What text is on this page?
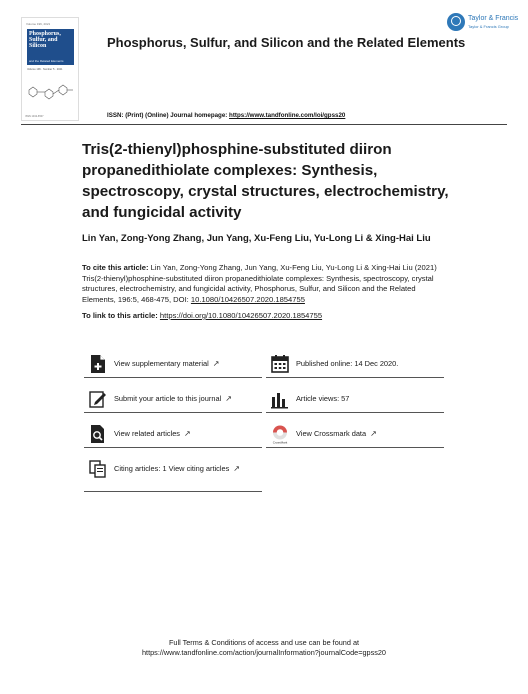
Volume 196, 2021
Phosphorus, Sulfur, and Silicon
and the Related Elements
Volume 196 · Number 5 · 2021
ISSN 1042-6507
Phosphorus, Sulfur, and Silicon and the Related Elements
Taylor & Francis
Taylor & Francis Group
ISSN: (Print) (Online) Journal homepage: https://www.tandfonline.com/loi/gpss20
Tris(2-thienyl)phosphine-substituted diiron propanedithiolate complexes: Synthesis, spectroscopy, crystal structures, electrochemistry, and fungicidal activity
Lin Yan, Zong-Yong Zhang, Jun Yang, Xu-Feng Liu, Yu-Long Li & Xing-Hai Liu
To cite this article: Lin Yan, Zong-Yong Zhang, Jun Yang, Xu-Feng Liu, Yu-Long Li & Xing-Hai Liu (2021) Tris(2-thienyl)phosphine-substituted diiron propanedithiolate complexes: Synthesis, spectroscopy, crystal structures, electrochemistry, and fungicidal activity, Phosphorus, Sulfur, and Silicon and the Related Elements, 196:5, 468-475, DOI: 10.1080/10426507.2020.1854755
To link to this article: https://doi.org/10.1080/10426507.2020.1854755
View supplementary material ↗	Published online: 14 Dec 2020.
Submit your article to this journal ↗	Article views: 57
View related articles ↗
CrossMark
View Crossmark data ↗
Citing articles: 1 View citing articles ↗
Full Terms & Conditions of access and use can be found at
https://www.tandfonline.com/action/journalInformation?journalCode=gpss20
